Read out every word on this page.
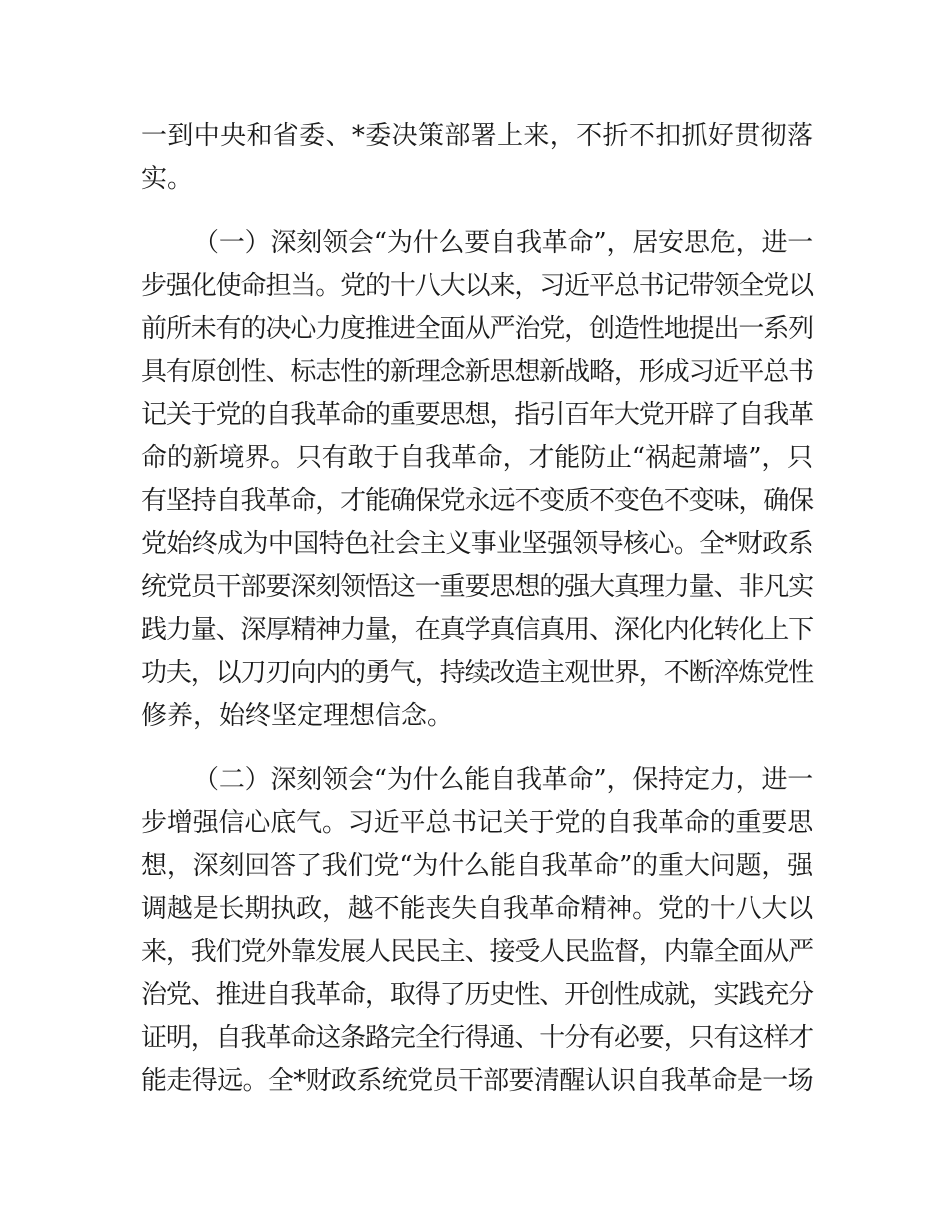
一到中央和省委、*委决策部署上来，不折不扣抓好贯彻落
实。
（一）深刻领会“为什么要自我革命”，居安思危，进一
步强化使命担当。党的十八大以来，习近平总书记带领全党以
前所未有的决心力度推进全面从严治党，创造性地提出一系列
具有原创性、标志性的新理念新思想新战略，形成习近平总书
记关于党的自我革命的重要思想，指引百年大党开辟了自我革
命的新境界。只有敢于自我革命，才能防止“祸起萧墙”，只
有坚持自我革命，才能确保党永远不变质不变色不变味，确保
党始终成为中国特色社会主义事业坚强领导核心。全*财政系
统党员干部要深刻领悟这一重要思想的强大真理力量、非凡实
践力量、深厚精神力量，在真学真信真用、深化内化转化上下
功夫，以刀刃向内的勇气，持续改造主观世界，不断淬炼党性
修养，始终坚定理想信念。
（二）深刻领会“为什么能自我革命”，保持定力，进一
步增强信心底气。习近平总书记关于党的自我革命的重要思
想，深刻回答了我们党“为什么能自我革命”的重大问题，强
调越是长期执政，越不能丧失自我革命精神。党的十八大以
来，我们党外靠发展人民民主、接受人民监督，内靠全面从严
治党、推进自我革命，取得了历史性、开创性成就，实践充分
证明，自我革命这条路完全行得通、十分有必要，只有这样才
能走得远。全*财政系统党员干部要清醒认识自我革命是一场
